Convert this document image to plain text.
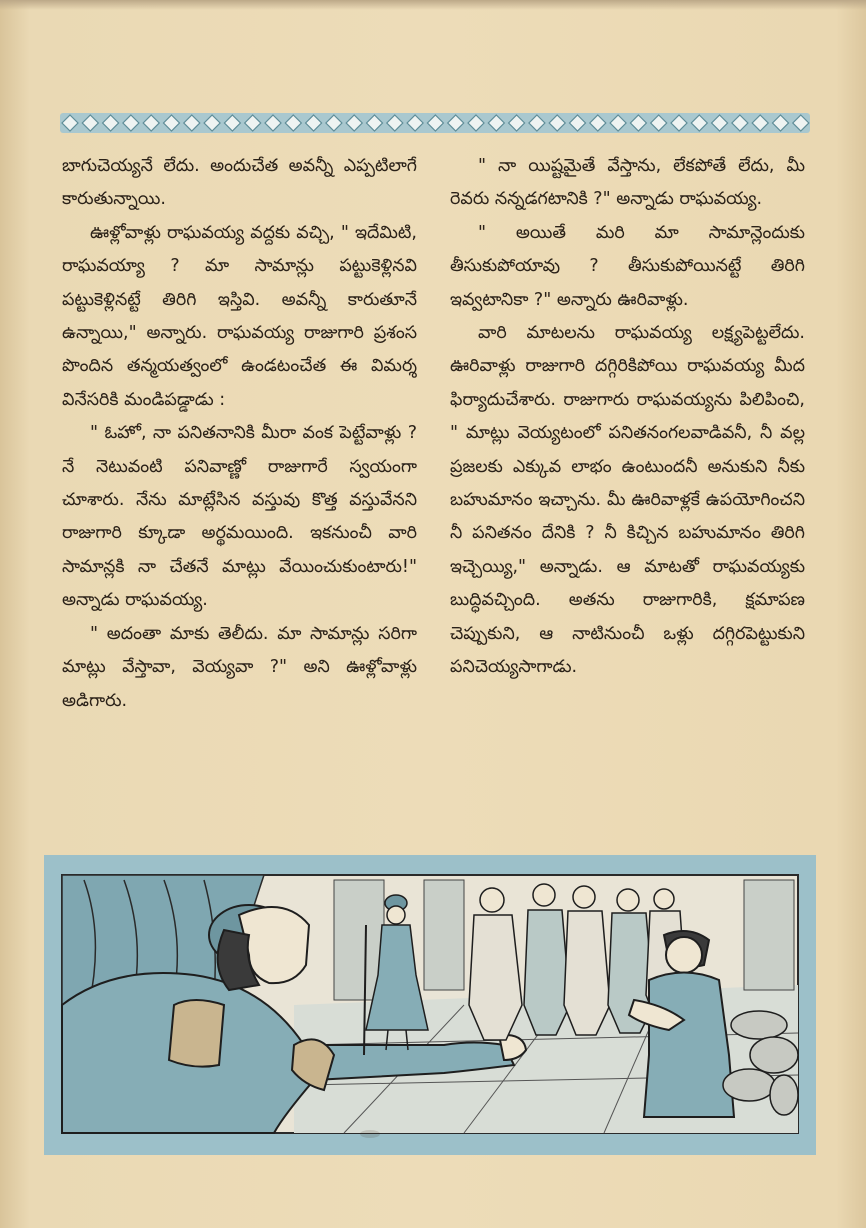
బాగుచెయ్యనే లేదు. అందుచేత అవన్నీ ఎప్పటిలాగే కారుతున్నాయి.

ఊళ్లోవాళ్లు రాఘవయ్య వద్దకు వచ్చి, " ఇదేమిటి, రాఘవయ్యా ? మా సామాన్లు పట్టుకెళ్లినవి పట్టుకెళ్లినట్టే తిరిగి ఇస్తివి. అవన్నీ కారుతూనే ఉన్నాయి," అన్నారు. రాఘవయ్య రాజుగారి ప్రశంస పొందిన తన్మయత్వంలో ఉండటంచేత ఈ విమర్శ వినేసరికి మండిపడ్డాడు :

" ఓహో, నా పనితనానికి మీరా వంక పెట్టేవాళ్లు ? నే నెటువంటి పనివాణ్ణో రాజుగారే స్వయంగా చూశారు. నేను మాట్లేసిన వస్తువు కొత్త వస్తువేనని రాజుగారి క్కూడా అర్థమయింది. ఇకనుంచీ వారి సామాన్లకి నా చేతనే మాట్లు వేయించుకుంటారు!" అన్నాడు రాఘవయ్య.

" అదంతా మాకు తెలీదు. మా సామాన్లు సరిగా మాట్లు వేస్తావా, వెయ్యవా ?" అని ఊళ్లోవాళ్లు అడిగారు.

" నా యిష్టమైతే వేస్తాను, లేకపోతే లేదు, మీ రెవరు నన్నడగటానికి ?" అన్నాడు రాఘవయ్య.

" అయితే మరి మా సామాన్లెందుకు తీసుకుపోయావు ? తీసుకుపోయినట్టే తిరిగి ఇవ్వటానికా ?" అన్నారు ఊరివాళ్లు.

వారి మాటలను రాఘవయ్య లక్ష్యపెట్టలేదు. ఊరివాళ్లు రాజుగారి దగ్గిరికిపోయి రాఘవయ్య మీద ఫిర్యాదుచేశారు. రాజుగారు రాఘవయ్యను పిలిపించి, " మాట్లు వెయ్యటంలో పనితనంగలవాడివనీ, నీ వల్ల ప్రజలకు ఎక్కువ లాభం ఉంటుందనీ అనుకుని నీకు బహుమానం ఇచ్చాను. మీ ఊరివాళ్లకే ఉపయోగించని నీ పనితనం దేనికి ? నీ కిచ్చిన బహుమానం తిరిగి ఇచ్చెయ్యి," అన్నాడు. ఆ మాటతో రాఘవయ్యకు బుద్ధివచ్చింది. అతను రాజుగారికి, క్షమాపణ చెప్పుకుని, ఆ నాటినుంచీ ఒళ్లు దగ్గిరపెట్టుకుని పనిచెయ్యసాగాడు.
